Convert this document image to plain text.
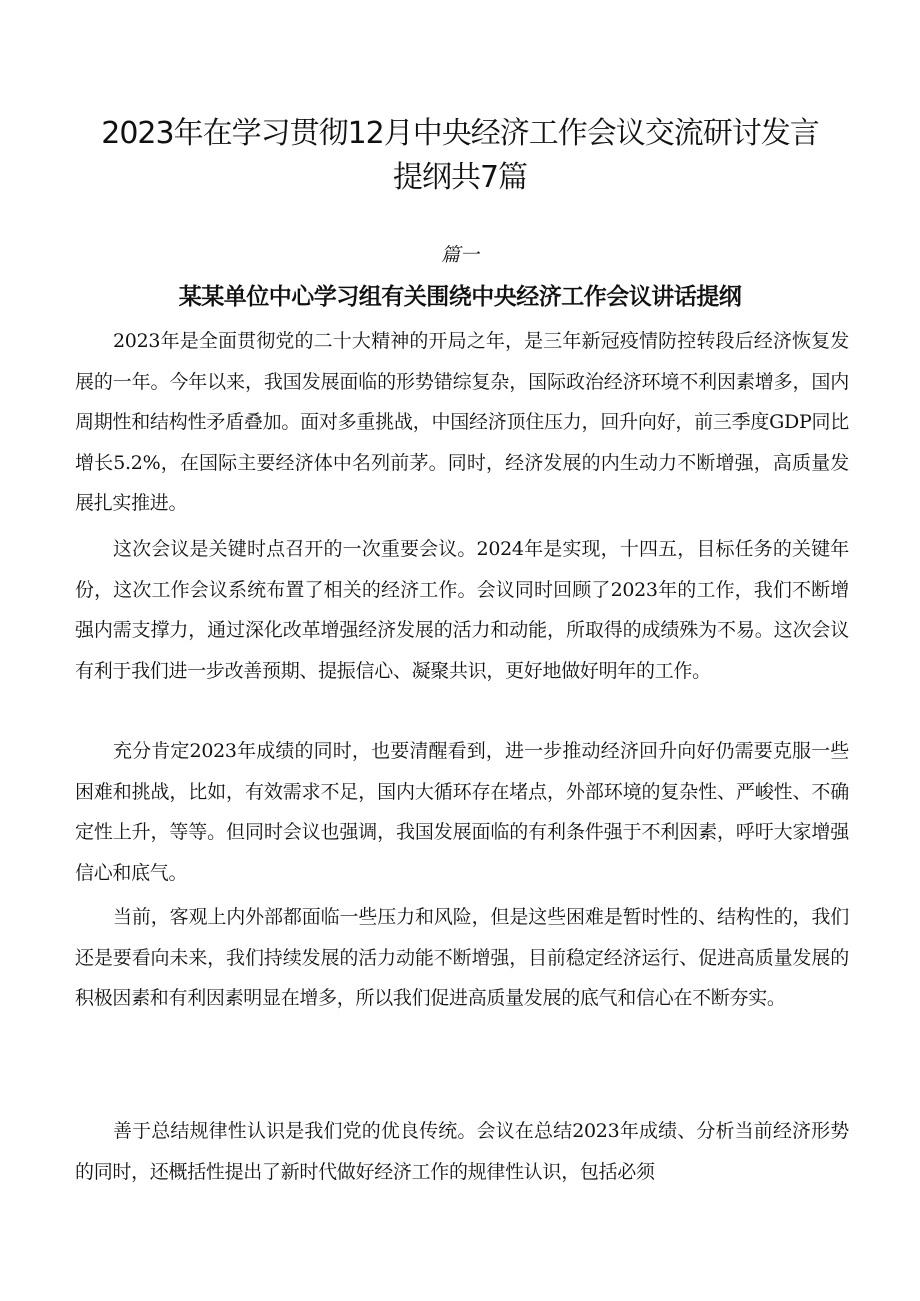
2023年在学习贯彻12月中央经济工作会议交流研讨发言提纲共7篇
篇一
某某单位中心学习组有关围绕中央经济工作会议讲话提纲

2023年是全面贯彻党的二十大精神的开局之年，是三年新冠疫情防控转段后经济恢复发展的一年。今年以来，我国发展面临的形势错综复杂，国际政治经济环境不利因素增多，国内周期性和结构性矛盾叠加。面对多重挑战，中国经济顶住压力，回升向好，前三季度GDP同比增长5.2%，在国际主要经济体中名列前茅。同时，经济发展的内生动力不断增强，高质量发展扎实推进。

这次会议是关键时点召开的一次重要会议。2024年是实现，十四五，目标任务的关键年份，这次工作会议系统布置了相关的经济工作。会议同时回顾了2023年的工作，我们不断增强内需支撑力，通过深化改革增强经济发展的活力和动能，所取得的成绩殊为不易。这次会议有利于我们进一步改善预期、提振信心、凝聚共识，更好地做好明年的工作。

充分肯定2023年成绩的同时，也要清醒看到，进一步推动经济回升向好仍需要克服一些困难和挑战，比如，有效需求不足，国内大循环存在堵点，外部环境的复杂性、严峻性、不确定性上升，等等。但同时会议也强调，我国发展面临的有利条件强于不利因素，呼吁大家增强信心和底气。

当前，客观上内外部都面临一些压力和风险，但是这些困难是暂时性的、结构性的，我们还是要看向未来，我们持续发展的活力动能不断增强，目前稳定经济运行、促进高质量发展的积极因素和有利因素明显在增多，所以我们促进高质量发展的底气和信心在不断夯实。

善于总结规律性认识是我们党的优良传统。会议在总结2023年成绩、分析当前经济形势的同时，还概括性提出了新时代做好经济工作的规律性认识，包括必须
